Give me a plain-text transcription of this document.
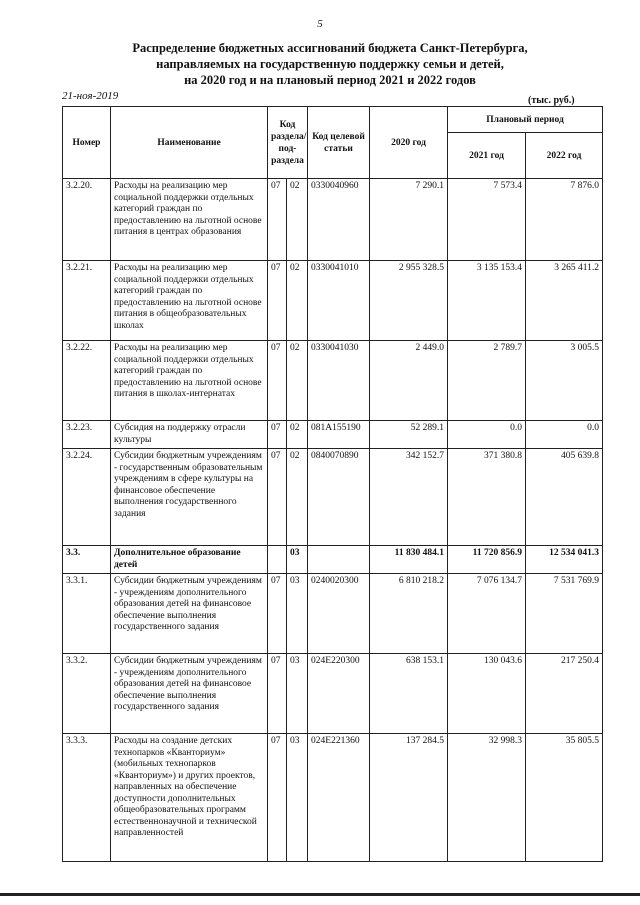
5
Распределение бюджетных ассигнований бюджета Санкт-Петербурга,
направляемых на государственную поддержку семьи и детей,
на 2020 год и на плановый период 2021 и 2022 годов
21-ноя-2019	(тыс. руб.)
Номер	Наименование	Код раздела/ под-раздела		Код целевой статьи	2020 год	Плановый период	
						2021 год	2022 год
3.2.20.	Расходы на реализацию мер социальной поддержки отдельных категорий граждан по предоставлению на льготной основе питания в центрах образования	07	02	0330040960	7 290.1	7 573.4	7 876.0
3.2.21.	Расходы на реализацию мер социальной поддержки отдельных категорий граждан по предоставлению на льготной основе питания в общеобразовательных школах	07	02	0330041010	2 955 328.5	3 135 153.4	3 265 411.2
3.2.22.	Расходы на реализацию мер социальной поддержки отдельных категорий граждан по предоставлению на льготной основе питания в школах-интернатах	07	02	0330041030	2 449.0	2 789.7	3 005.5
3.2.23.	Субсидия на поддержку отрасли культуры	07	02	081A155190	52 289.1	0.0	0.0
3.2.24.	Субсидии бюджетным учреждениям - государственным образовательным учреждениям в сфере культуры на финансовое обеспечение выполнения государственного задания	07	02	0840070890	342 152.7	371 380.8	405 639.8
3.3.	Дополнительное образование детей		03		11 830 484.1	11 720 856.9	12 534 041.3
3.3.1.	Субсидии бюджетным учреждениям - учреждениям дополнительного образования детей на финансовое обеспечение выполнения государственного задания	07	03	0240020300	6 810 218.2	7 076 134.7	7 531 769.9
3.3.2.	Субсидии бюджетным учреждениям - учреждениям дополнительного образования детей на финансовое обеспечение выполнения государственного задания	07	03	024E220300	638 153.1	130 043.6	217 250.4
3.3.3.	Расходы на создание детских технопарков «Кванториум» (мобильных технопарков «Кванториум») и других проектов, направленных на обеспечение доступности дополнительных общеобразовательных программ естественнонаучной и технической направленностей	07	03	024E221360	137 284.5	32 998.3	35 805.5
